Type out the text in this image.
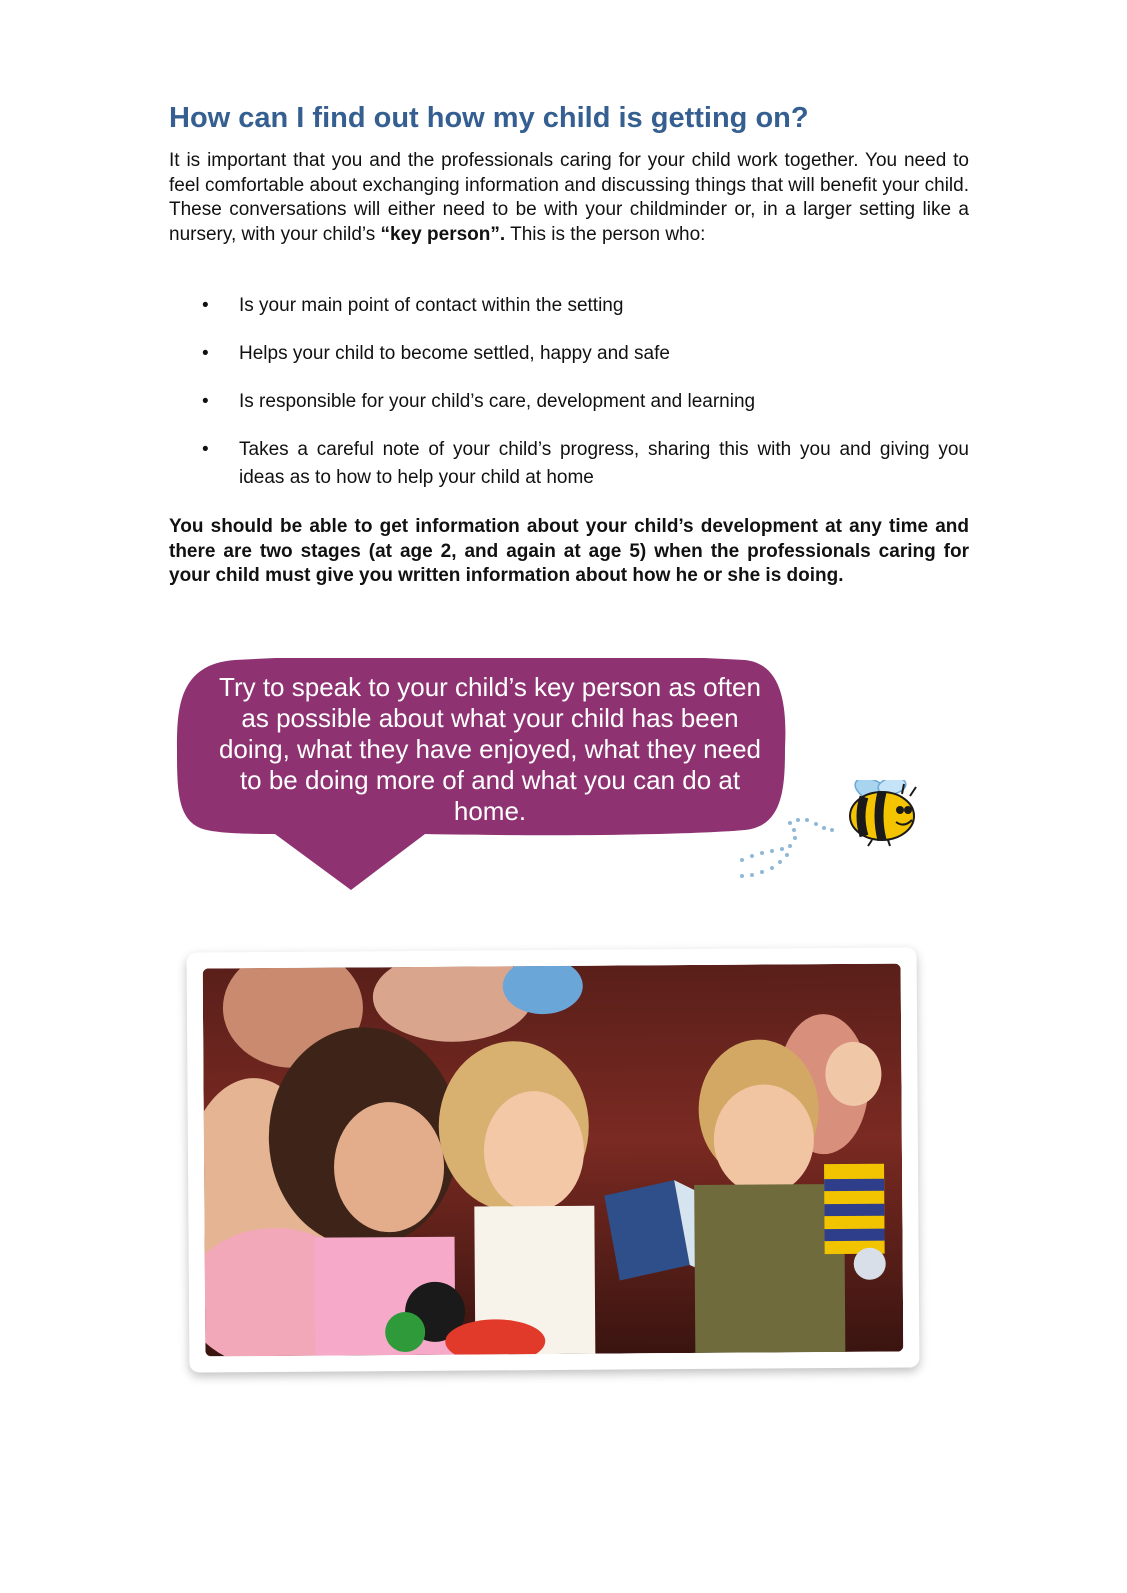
How can I find out how my child is getting on?

It is important that you and the professionals caring for your child work together. You need to feel comfortable about exchanging information and discussing things that will benefit your child. These conversations will either need to be with your childminder or, in a larger setting like a nursery, with your child’s “key person”. This is the person who:

• Is your main point of contact within the setting
• Helps your child to become settled, happy and safe
• Is responsible for your child’s care, development and learning
• Takes a careful note of your child’s progress, sharing this with you and giving you ideas as to how to help your child at home

You should be able to get information about your child’s development at any time and there are two stages (at age 2, and again at age 5) when the professionals caring for your child must give you written information about how he or she is doing.

Try to speak to your child’s key person as often as possible about what your child has been doing, what they have enjoyed, what they need to be doing more of and what you can do at home.
